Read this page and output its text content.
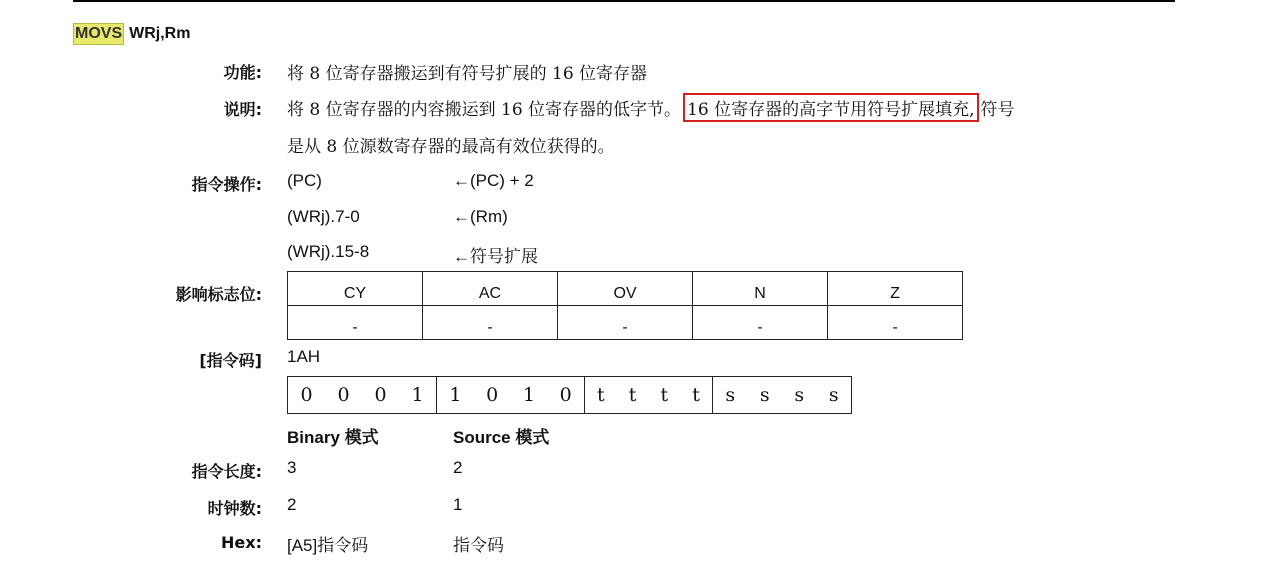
MOVS WRj,Rm
功能: 将 8 位寄存器搬运到有符号扩展的 16 位寄存器
说明: 将 8 位寄存器的内容搬运到 16 位寄存器的低字节。 16 位寄存器的高字节用符号扩展填充, 符号
是从 8 位源数寄存器的最高有效位获得的。
指令操作: (PC)	←(PC) + 2
(WRj).7-0	←(Rm)
(WRj).15-8	←符号扩展
影响标志位:	CY	AC	OV	N	Z
-	-	-	-	-
[指令码] 1AH
0 0 0 1 1 0 1 0 t t t t s s s s
Binary 模式	Source 模式
指令长度: 3	2
时钟数: 2	1
Hex: [A5]指令码	指令码
